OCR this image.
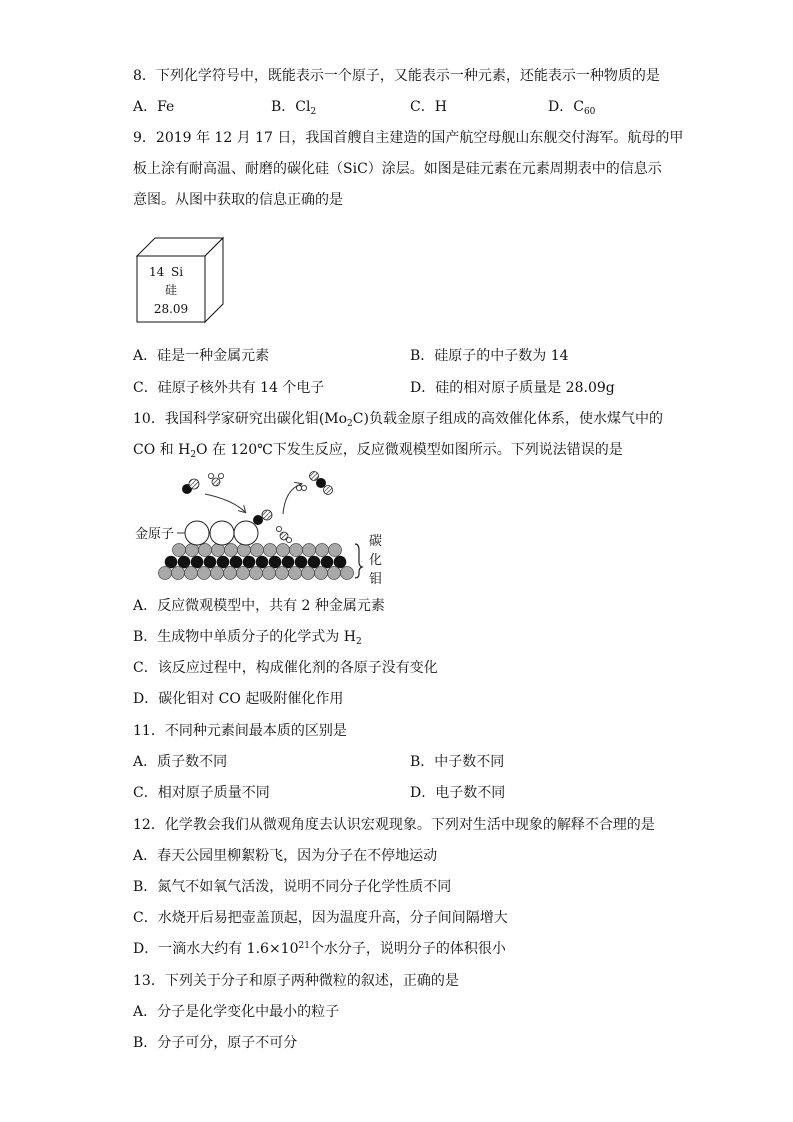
8．下列化学符号中，既能表示一个原子，又能表示一种元素，还能表示一种物质的是
A．Fe	B．$Cl_2$	C．H	D．$C_{60}$
9．2019 年 12 月 17 日，我国首艘自主建造的国产航空母舰山东舰交付海军。航母的甲
板上涂有耐高温、耐磨的碳化硅（SiC）涂层。如图是硅元素在元素周期表中的信息示
意图。从图中获取的信息正确的是
14 Si
硅
28.09
A．硅是一种金属元素	B．硅原子的中子数为 14
C．硅原子核外共有 14 个电子	D．硅的相对原子质量是 28.09g
10．我国科学家研究出碳化钼$(Mo_2C)$负载金原子组成的高效催化体系，使水煤气中的
CO 和 $H_2O$ 在 120℃下发生反应，反应微观模型如图所示。下列说法错误的是
金原子	碳
化
钼
A．反应微观模型中，共有 2 种金属元素
B．生成物中单质分子的化学式为 $H_2$
C．该反应过程中，构成催化剂的各原子没有变化
D．碳化钼对 CO 起吸附催化作用
11．不同种元素间最本质的区别是
A．质子数不同	B．中子数不同
C．相对原子质量不同	D．电子数不同
12．化学教会我们从微观角度去认识宏观现象。下列对生活中现象的解释不合理的是
A．春天公园里柳絮粉飞，因为分子在不停地运动
B．氮气不如氧气活泼，说明不同分子化学性质不同
C．水烧开后易把壶盖顶起，因为温度升高，分子间间隔增大
D．一滴水大约有 $1.6\times 10^{21}$个水分子，说明分子的体积很小
13．下列关于分子和原子两种微粒的叙述，正确的是
A．分子是化学变化中最小的粒子
B．分子可分，原子不可分
